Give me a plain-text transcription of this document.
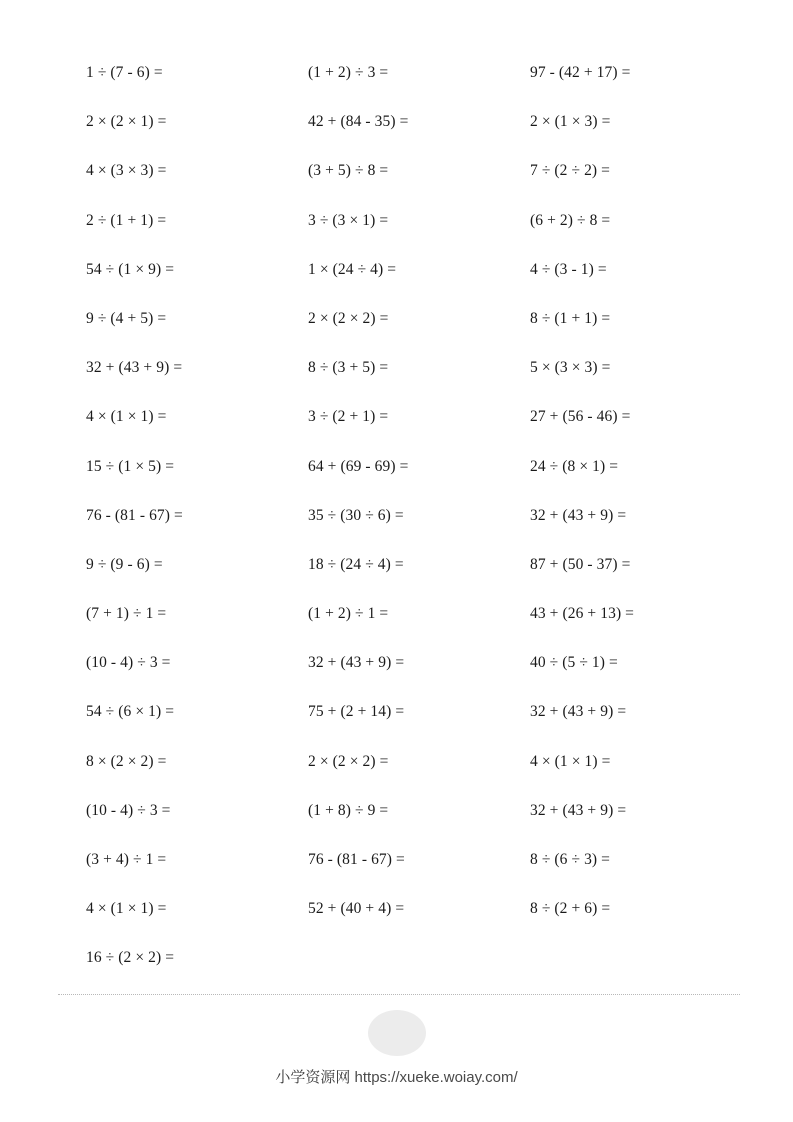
1 ÷ (7 - 6) =
2 × (2 × 1) =
4 × (3 × 3) =
2 ÷ (1 + 1) =
54 ÷ (1 × 9) =
9 ÷ (4 + 5) =
32 + (43 + 9) =
4 × (1 × 1) =
15 ÷ (1 × 5) =
76 - (81 - 67) =
9 ÷ (9 - 6) =
(7 + 1) ÷ 1 =
(10 - 4) ÷ 3 =
54 ÷ (6 × 1) =
8 × (2 × 2) =
(10 - 4) ÷ 3 =
(3 + 4) ÷ 1 =
4 × (1 × 1) =
16 ÷ (2 × 2) =
(1 + 2) ÷ 3 =
42 + (84 - 35) =
(3 + 5) ÷ 8 =
3 ÷ (3 × 1) =
1 × (24 ÷ 4) =
2 × (2 × 2) =
8 ÷ (3 + 5) =
3 ÷ (2 + 1) =
64 + (69 - 69) =
35 ÷ (30 ÷ 6) =
18 ÷ (24 ÷ 4) =
(1 + 2) ÷ 1 =
32 + (43 + 9) =
75 + (2 + 14) =
2 × (2 × 2) =
(1 + 8) ÷ 9 =
76 - (81 - 67) =
52 + (40 + 4) =
97 - (42 + 17) =
2 × (1 × 3) =
7 ÷ (2 ÷ 2) =
(6 + 2) ÷ 8 =
4 ÷ (3 - 1) =
8 ÷ (1 + 1) =
5 × (3 × 3) =
27 + (56 - 46) =
24 ÷ (8 × 1) =
32 + (43 + 9) =
87 + (50 - 37) =
43 + (26 + 13) =
40 ÷ (5 ÷ 1) =
32 + (43 + 9) =
4 × (1 × 1) =
32 + (43 + 9) =
8 ÷ (6 ÷ 3) =
8 ÷ (2 + 6) =
小学资源网 https://xueke.woiay.com/
